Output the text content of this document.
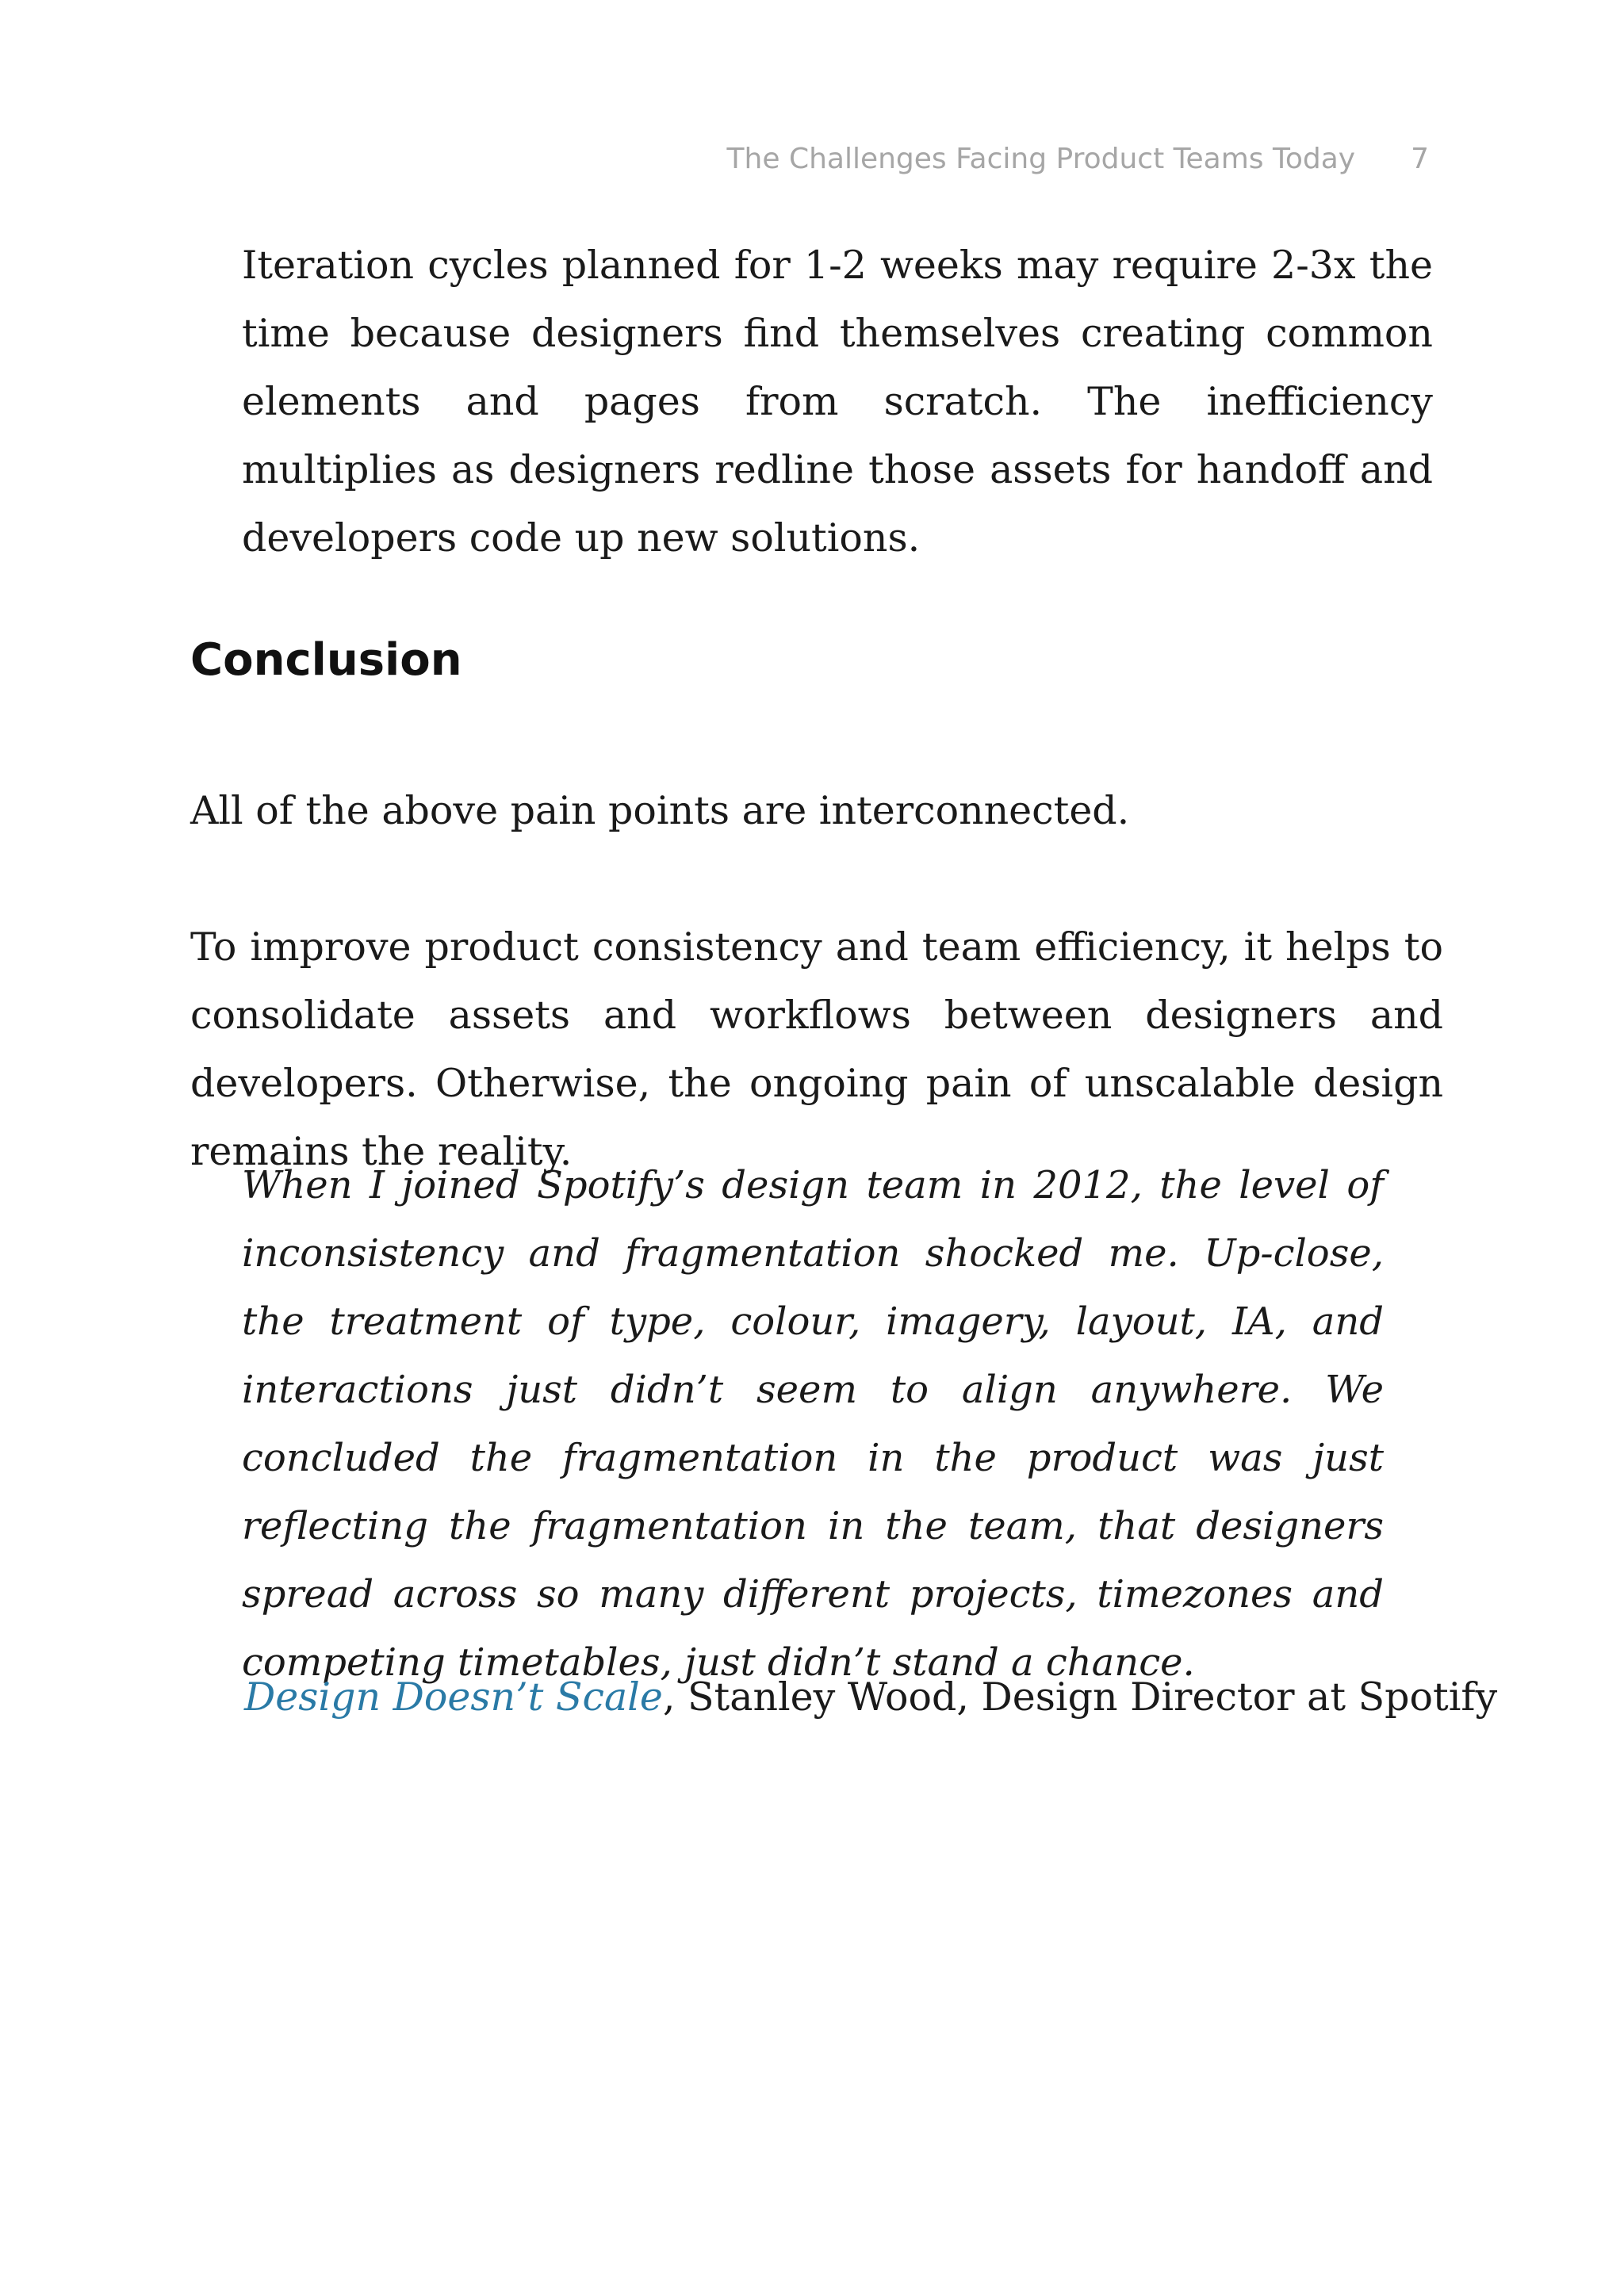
The Challenges Facing Product Teams Today 7

Iteration cycles planned for 1-2 weeks may require 2-3x the time because designers find themselves creating common elements and pages from scratch. The inefficiency multiplies as designers redline those assets for handoff and developers code up new solutions.

Conclusion

All of the above pain points are interconnected.

To improve product consistency and team efficiency, it helps to consolidate assets and workflows between designers and developers. Otherwise, the ongoing pain of unscalable design remains the reality.

When I joined Spotify’s design team in 2012, the level of inconsistency and fragmentation shocked me. Up-close, the treatment of type, colour, imagery, layout, IA, and interactions just didn’t seem to align anywhere. We concluded the fragmentation in the product was just reflecting the fragmentation in the team, that designers spread across so many different projects, timezones and competing timetables, just didn’t stand a chance.
Design Doesn’t Scale, Stanley Wood, Design Director at Spotify
